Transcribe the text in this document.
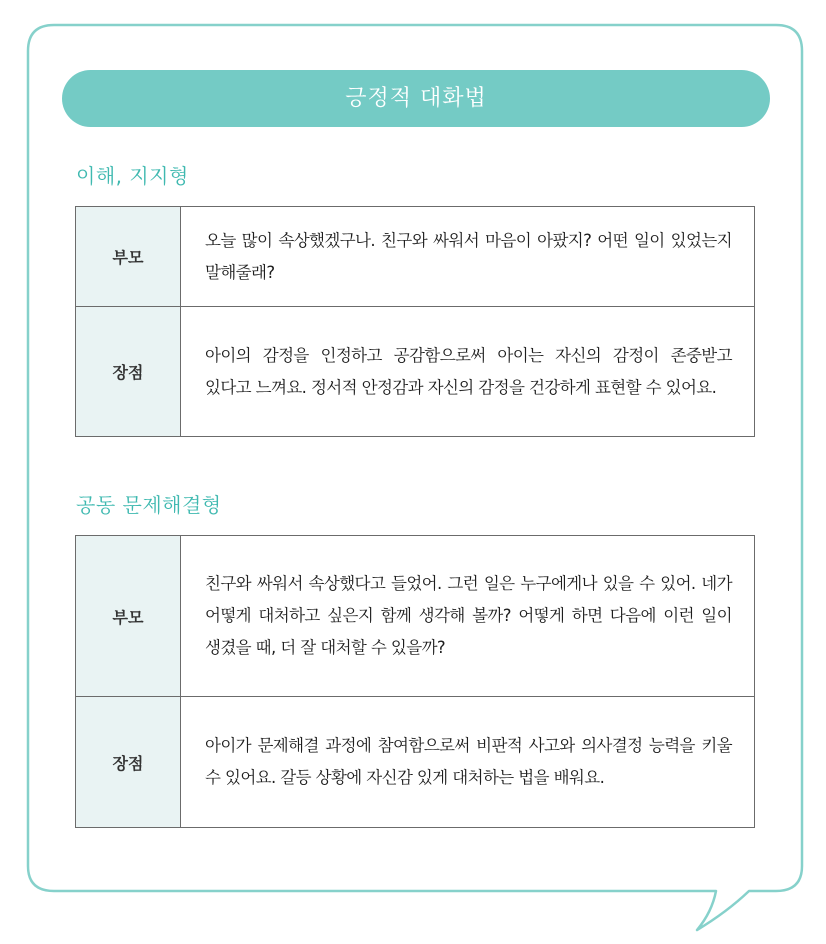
긍정적 대화법
이해, 지지형
부모	오늘 많이 속상했겠구나. 친구와 싸워서 마음이 아팠지? 어떤 일이 있었는지 말해줄래?
장점	아이의 감정을 인정하고 공감함으로써 아이는 자신의 감정이 존중받고 있다고 느껴요. 정서적 안정감과 자신의 감정을 건강하게 표현할 수 있어요.
공동 문제해결형
부모	친구와 싸워서 속상했다고 들었어. 그런 일은 누구에게나 있을 수 있어. 네가 어떻게 대처하고 싶은지 함께 생각해 볼까? 어떻게 하면 다음에 이런 일이 생겼을 때, 더 잘 대처할 수 있을까?
장점	아이가 문제해결 과정에 참여함으로써 비판적 사고와 의사결정 능력을 키울 수 있어요. 갈등 상황에 자신감 있게 대처하는 법을 배워요.
